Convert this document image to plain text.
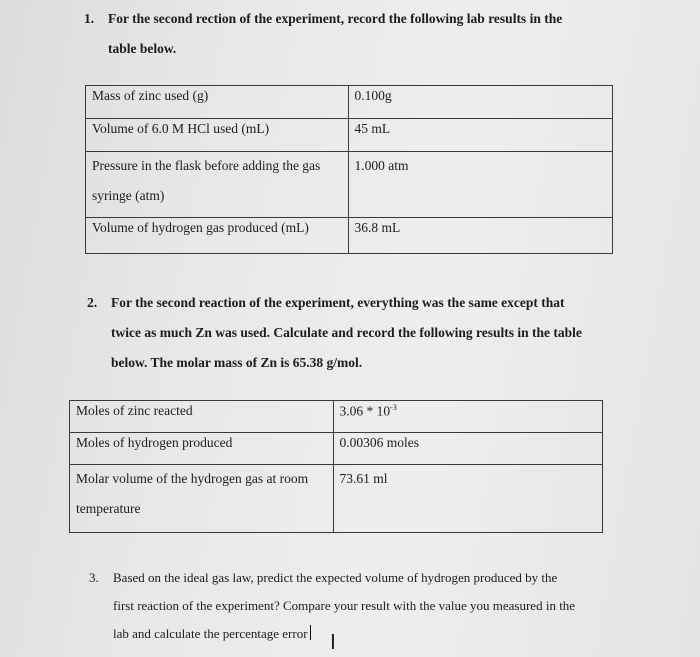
1. For the second rection of the experiment, record the following lab results in the
table below.
Mass of zinc used (g)	0.100g
Volume of 6.0 M HCl used (mL)	45 mL

Pressure in the flask before adding the gas
syringe (atm)	1.000 atm

Volume of hydrogen gas produced (mL)	36.8 mL
2. For the second reaction of the experiment, everything was the same except that
twice as much Zn was used. Calculate and record the following results in the table
below. The molar mass of Zn is 65.38 g/mol.
Moles of zinc reacted	$3.06 * 10^{-3}$
Moles of hydrogen produced	0.00306 moles

Molar volume of the hydrogen gas at room
temperature	73.61 ml
3. Based on the ideal gas law, predict the expected volume of hydrogen produced by the
first reaction of the experiment? Compare your result with the value you measured in the
lab and calculate the percentage error	I
